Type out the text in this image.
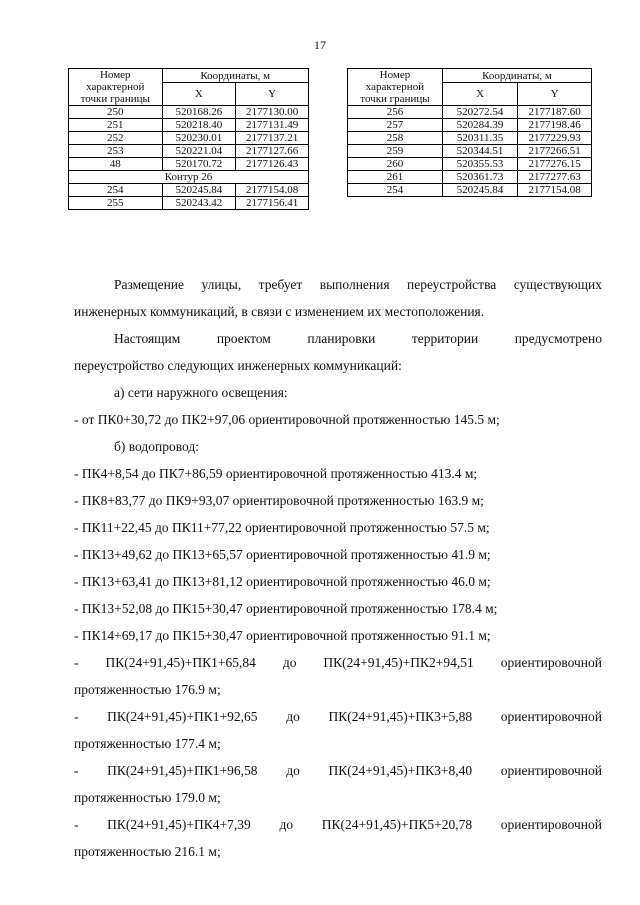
17
Номер
характерной
точки границы	Координаты, м	
	X	Y
250	520168.26	2177130.00
251	520218.40	2177131.49
252	520230.01	2177137.21
253	520221.04	2177127.66
48	520170.72	2177126.43
Контур 26		
254	520245.84	2177154.08
255	520243.42	2177156.41
Номер
характерной
точки границы	Координаты, м	
	X	Y
256	520272.54	2177187.60
257	520284.39	2177198.46
258	520311.35	2177229.93
259	520344.51	2177266.51
260	520355.53	2177276.15
261	520361.73	2177277.63
254	520245.84	2177154.08
Размещение улицы, требует выполнения переустройства существующих
инженерных коммуникаций, в связи с изменением их местоположения.
Настоящим проектом планировки территории предусмотрено
переустройство следующих инженерных коммуникаций:
а) сети наружного освещения:
- от ПК0+30,72 до ПК2+97,06 ориентировочной протяженностью 145.5 м;
б) водопровод:
- ПК4+8,54 до ПК7+86,59 ориентировочной протяженностью 413.4 м;
- ПК8+83,77 до ПК9+93,07 ориентировочной протяженностью 163.9 м;
- ПК11+22,45 до ПК11+77,22 ориентировочной протяженностью 57.5 м;
- ПК13+49,62 до ПК13+65,57 ориентировочной протяженностью 41.9 м;
- ПК13+63,41 до ПК13+81,12 ориентировочной протяженностью 46.0 м;
- ПК13+52,08 до ПК15+30,47 ориентировочной протяженностью 178.4 м;
- ПК14+69,17 до ПК15+30,47 ориентировочной протяженностью 91.1 м;
- ПК(24+91,45)+ПК1+65,84 до ПК(24+91,45)+ПК2+94,51 ориентировочной
протяженностью 176.9 м;
- ПК(24+91,45)+ПК1+92,65 до ПК(24+91,45)+ПК3+5,88 ориентировочной
протяженностью 177.4 м;
- ПК(24+91,45)+ПК1+96,58 до ПК(24+91,45)+ПК3+8,40 ориентировочной
протяженностью 179.0 м;
- ПК(24+91,45)+ПК4+7,39 до ПК(24+91,45)+ПК5+20,78 ориентировочной
протяженностью 216.1 м;
